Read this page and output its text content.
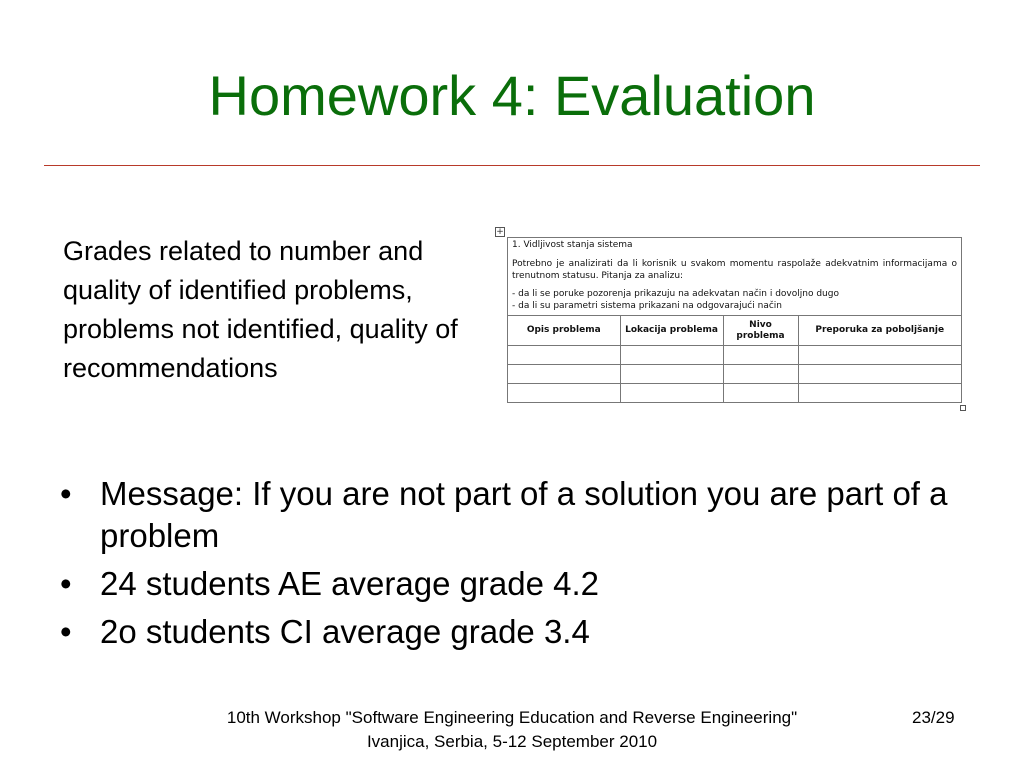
Homework 4: Evaluation
Grades related to number and quality of identified problems, problems not identified, quality of recommendations
+

1. Vidljivost stanja sistema

Potrebno je analizirati da li korisnik u svakom momentu raspolaže adekvatnim informacijama o trenutnom statusu. Pitanja za analizu:

- da li se poruke pozorenja prikazuju na adekvatan način i dovoljno dugo

- da li su parametri sistema prikazani na odgovarajući način

Opis problema	Lokacija problema	Nivo problema	Preporuka za poboljšanje

• Message: If you are not part of a solution you are part of a problem
• 24 students AE average grade 4.2
• 2o students CI average grade 3.4
10th Workshop "Software Engineering Education and Reverse Engineering"
Ivanjica, Serbia, 5-12 September 2010
23/29
